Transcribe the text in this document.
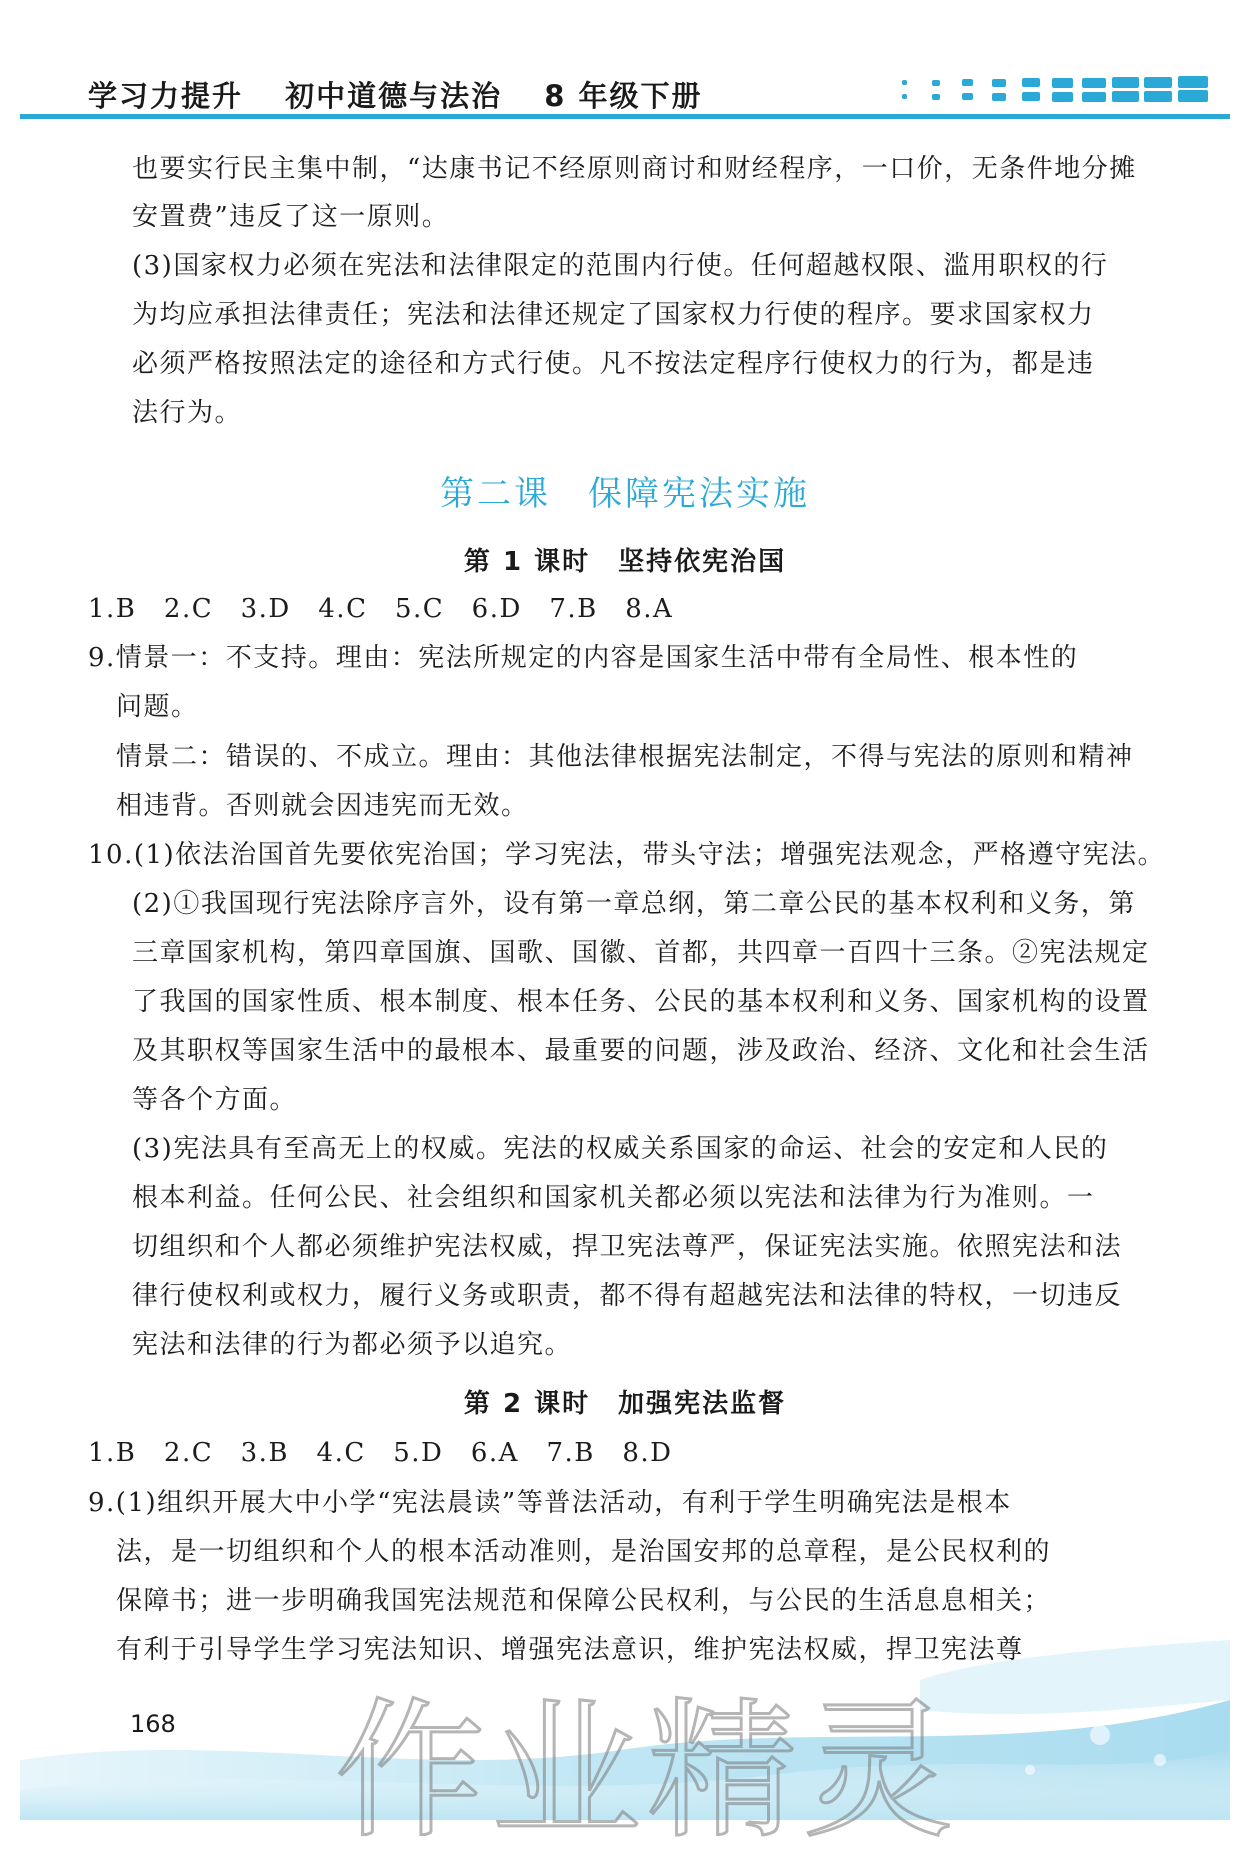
学习力提升 初中道德与法治 8 年级下册
也要实行民主集中制，“达康书记不经原则商讨和财经程序，一口价，无条件地分摊
安置费”违反了这一原则。
(3)国家权力必须在宪法和法律限定的范围内行使。任何超越权限、滥用职权的行
为均应承担法律责任；宪法和法律还规定了国家权力行使的程序。要求国家权力
必须严格按照法定的途径和方式行使。凡不按法定程序行使权力的行为，都是违
法行为。
第二课　保障宪法实施
第 1 课时　坚持依宪治国
1.B　2.C　3.D　4.C　5.C　6.D　7.B　8.A
9.情景一：不支持。理由：宪法所规定的内容是国家生活中带有全局性、根本性的
问题。
情景二：错误的、不成立。理由：其他法律根据宪法制定，不得与宪法的原则和精神
相违背。否则就会因违宪而无效。
10.(1)依法治国首先要依宪治国；学习宪法，带头守法；增强宪法观念，严格遵守宪法。
(2)①我国现行宪法除序言外，设有第一章总纲，第二章公民的基本权利和义务，第
三章国家机构，第四章国旗、国歌、国徽、首都，共四章一百四十三条。②宪法规定
了我国的国家性质、根本制度、根本任务、公民的基本权利和义务、国家机构的设置
及其职权等国家生活中的最根本、最重要的问题，涉及政治、经济、文化和社会生活
等各个方面。
(3)宪法具有至高无上的权威。宪法的权威关系国家的命运、社会的安定和人民的
根本利益。任何公民、社会组织和国家机关都必须以宪法和法律为行为准则。一
切组织和个人都必须维护宪法权威，捍卫宪法尊严，保证宪法实施。依照宪法和法
律行使权利或权力，履行义务或职责，都不得有超越宪法和法律的特权，一切违反
宪法和法律的行为都必须予以追究。
第 2 课时　加强宪法监督
1.B　2.C　3.B　4.C　5.D　6.A　7.B　8.D
9.(1)组织开展大中小学“宪法晨读”等普法活动，有利于学生明确宪法是根本
法，是一切组织和个人的根本活动准则，是治国安邦的总章程，是公民权利的
保障书；进一步明确我国宪法规范和保障公民权利，与公民的生活息息相关；
有利于引导学生学习宪法知识、增强宪法意识，维护宪法权威，捍卫宪法尊
168 作业精灵
